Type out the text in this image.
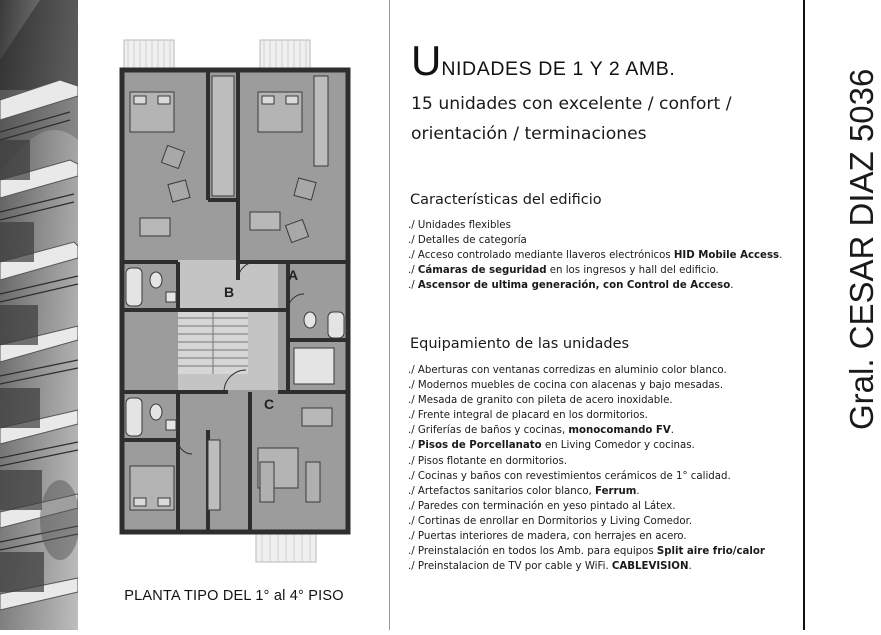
A
B
C
PLANTA TIPO DEL 1° al 4° PISO
UNIDADES DE 1 Y 2 AMB.
15 unidades con excelente / confort /
orientación / terminaciones
Características del edificio
./ Unidades flexibles
./ Detalles de categoría
./ Acceso controlado mediante llaveros electrónicos HID Mobile Access.
./ Cámaras de seguridad en los ingresos y hall del edificio.
./ Ascensor de ultima generación, con Control de Acceso.
Equipamiento de las unidades
./ Aberturas con ventanas corredizas en aluminio color blanco.
./ Modernos muebles de cocina con alacenas y bajo mesadas.
./ Mesada de granito con pileta de acero inoxidable.
./ Frente integral de placard en los dormitorios.
./ Griferías de baños y cocinas, monocomando FV.
./ Pisos de Porcellanato en Living Comedor y cocinas.
./ Pisos flotante en dormitorios.
./ Cocinas y baños con revestimientos cerámicos de 1° calidad.
./ Artefactos sanitarios color blanco, Ferrum.
./ Paredes con terminación en yeso pintado al Látex.
./ Cortinas de enrollar en Dormitorios y Living Comedor.
./ Puertas interiores de madera, con herrajes en acero.
./ Preinstalación en todos los Amb. para equipos Split aire frio/calor
./ Preinstalacion de TV por cable y WiFi. CABLEVISION.
Gral. CESAR DIAZ 5036
